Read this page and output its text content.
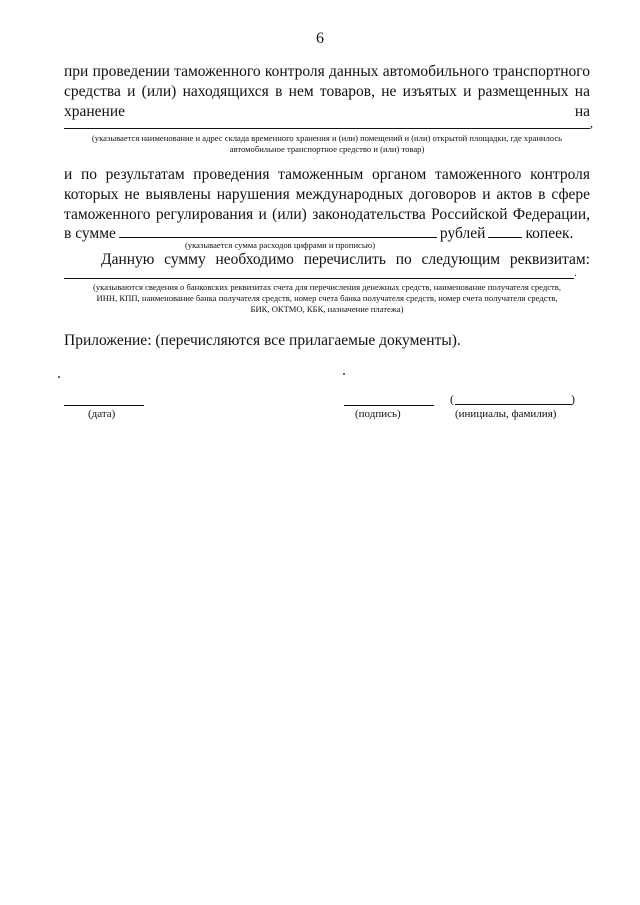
6
при проведении таможенного контроля данных автомобильного транспортного средства и (или) находящихся в нем товаров, не изъятых и размещенных на хранение на
,
(указывается наименование и адрес склада временного хранения и (или) помещений и (или) открытой площадки, где хранилось
автомобильное транспортное средство и (или) товар)
и по результатам проведения таможенным органом таможенного контроля которых не выявлены нарушения международных договоров и актов в сфере таможенного регулирования и (или) законодательства Российской Федерации,
в сумме	рублей	копеек.
(указывается сумма расходов цифрами и прописью)
Данную сумму необходимо перечислить по следующим реквизитам:
.
(указываются сведения о банковских реквизитах счета для перечисления денежных средств, наименование получателя средств,
ИНН, КПП, наименование банка получателя средств, номер счета банка получателя средств, номер счета получателя средств,
БИК, ОКТМО, КБК, назначение платежа)
Приложение: (перечисляются все прилагаемые документы).
(дата)	(подпись)
(	)
(инициалы, фамилия)
